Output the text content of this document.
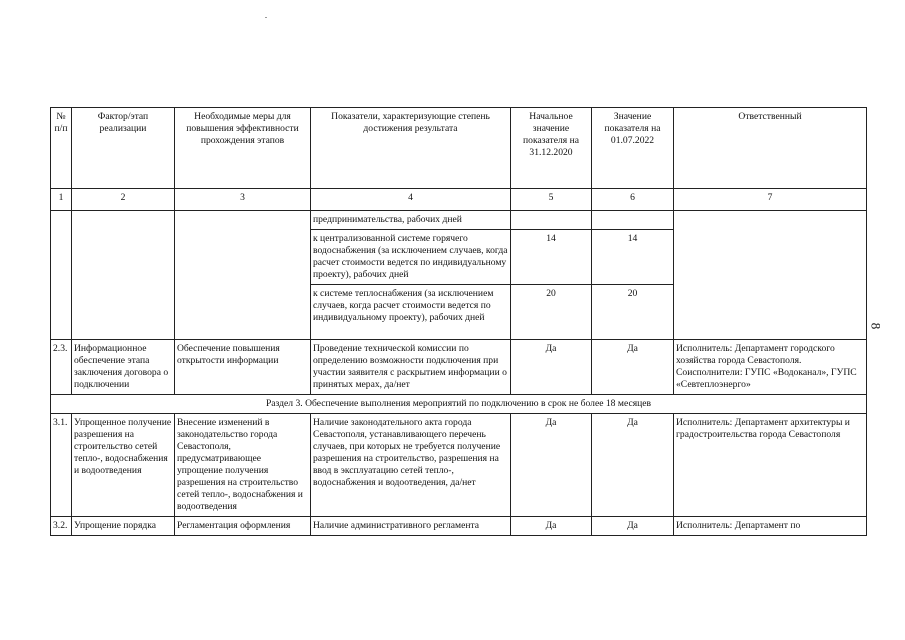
8
№ п/п	Фактор/этап реализации	Необходимые меры для повышения эффективности прохождения этапов	Показатели, характеризующие степень достижения результата	Начальное значение показателя на 31.12.2020	Значение показателя на 01.07.2022	Ответственный
1	2	3	4	5	6	7
			предпринимательства, рабочих дней			
			к централизованной системе горячего водоснабжения (за исключением случаев, когда расчет стоимости ведется по индивидуальному проекту), рабочих дней	14	14	
			к системе теплоснабжения (за исключением случаев, когда расчет стоимости ведется по индивидуальному проекту), рабочих дней	20	20	
2.3.	Информационное обеспечение этапа заключения договора о подключении	Обеспечение повышения открытости информации	Проведение технической комиссии по определению возможности подключения при участии заявителя с раскрытием информации о принятых мерах, да/нет	Да	Да	Исполнитель: Департамент городского хозяйства города Севастополя. Соисполнители: ГУПС «Водоканал», ГУПС «Севтеплоэнерго»
Раздел 3. Обеспечение выполнения мероприятий по подключению в срок не более 18 месяцев						
3.1.	Упрощенное получение разрешения на строительство сетей тепло-, водоснабжения и водоотведения	Внесение изменений в законодательство города Севастополя, предусматривающее упрощение получения разрешения на строительство сетей тепло-, водоснабжения и водоотведения	Наличие законодательного акта города Севастополя, устанавливающего перечень случаев, при которых не требуется получение разрешения на строительство, разрешения на ввод в эксплуатацию сетей тепло-, водоснабжения и водоотведения, да/нет	Да	Да	Исполнитель: Департамент архитектуры и градостроительства города Севастополя
3.2.	Упрощение порядка	Регламентация оформления	Наличие административного регламента	Да	Да	Исполнитель: Департамент по
